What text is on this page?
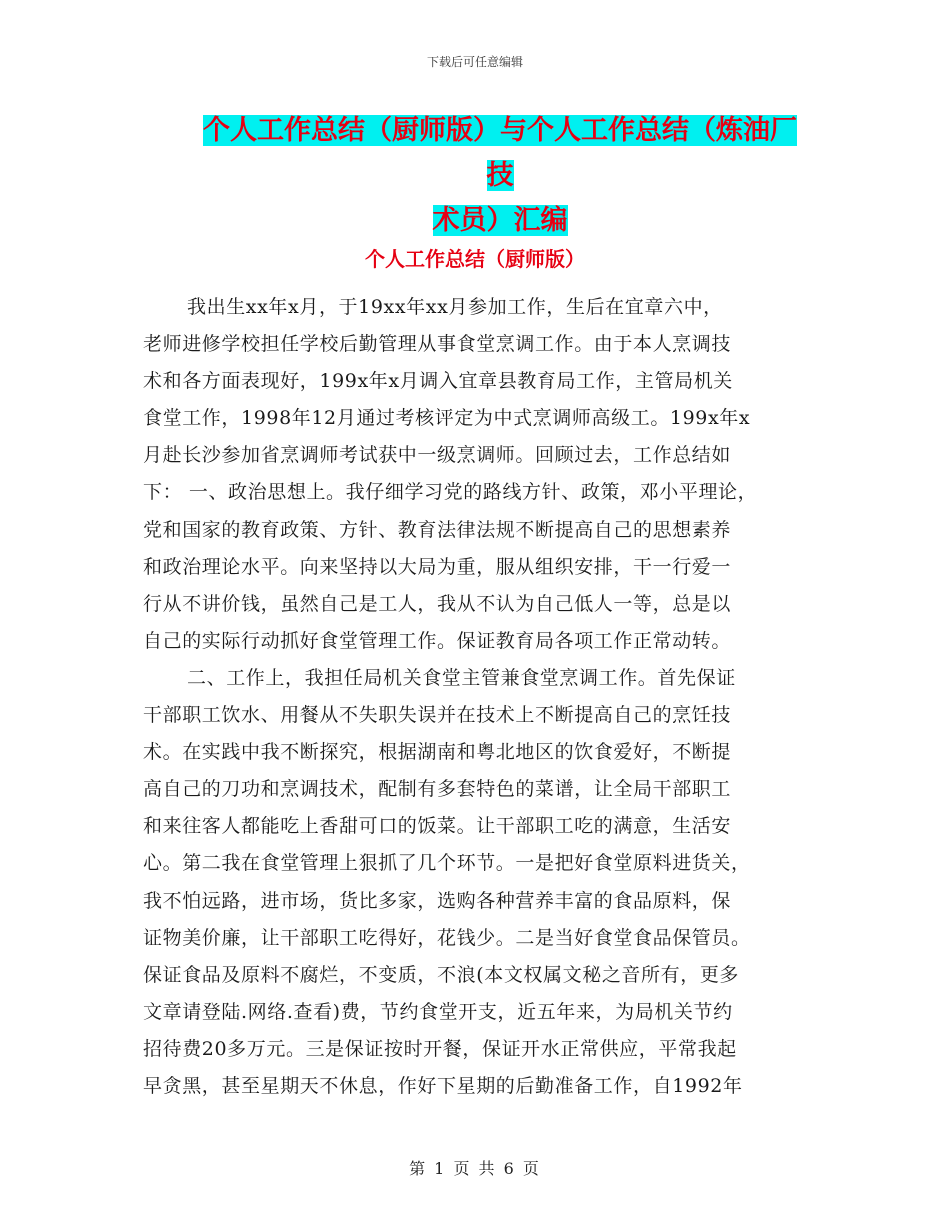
下载后可任意编辑
个人工作总结（厨师版）与个人工作总结（炼油厂技
术员）汇编
个人工作总结（厨师版）
我出生xx年x月，于19xx年xx月参加工作，生后在宜章六中，
老师进修学校担任学校后勤管理从事食堂烹调工作。由于本人烹调技
术和各方面表现好，199x年x月调入宜章县教育局工作，主管局机关
食堂工作，1998年12月通过考核评定为中式烹调师高级工。199x年x
月赴长沙参加省烹调师考试获中一级烹调师。回顾过去，工作总结如
下： 一、政治思想上。我仔细学习党的路线方针、政策，邓小平理论，
党和国家的教育政策、方针、教育法律法规不断提高自己的思想素养
和政治理论水平。向来坚持以大局为重，服从组织安排，干一行爱一
行从不讲价钱，虽然自己是工人，我从不认为自己低人一等，总是以
自己的实际行动抓好食堂管理工作。保证教育局各项工作正常动转。
二、工作上，我担任局机关食堂主管兼食堂烹调工作。首先保证
干部职工饮水、用餐从不失职失误并在技术上不断提高自己的烹饪技
术。在实践中我不断探究，根据湖南和粤北地区的饮食爱好，不断提
高自己的刀功和烹调技术，配制有多套特色的菜谱，让全局干部职工
和来往客人都能吃上香甜可口的饭菜。让干部职工吃的满意，生活安
心。第二我在食堂管理上狠抓了几个环节。一是把好食堂原料进货关，
我不怕远路，进市场，货比多家，选购各种营养丰富的食品原料，保
证物美价廉，让干部职工吃得好，花钱少。二是当好食堂食品保管员。
保证食品及原料不腐烂，不变质，不浪(本文权属文秘之音所有，更多
文章请登陆.网络.查看)费，节约食堂开支，近五年来，为局机关节约
招待费20多万元。三是保证按时开餐，保证开水正常供应，平常我起
早贪黑，甚至星期天不休息，作好下星期的后勤准备工作，自1992年
第 1 页 共 6 页
